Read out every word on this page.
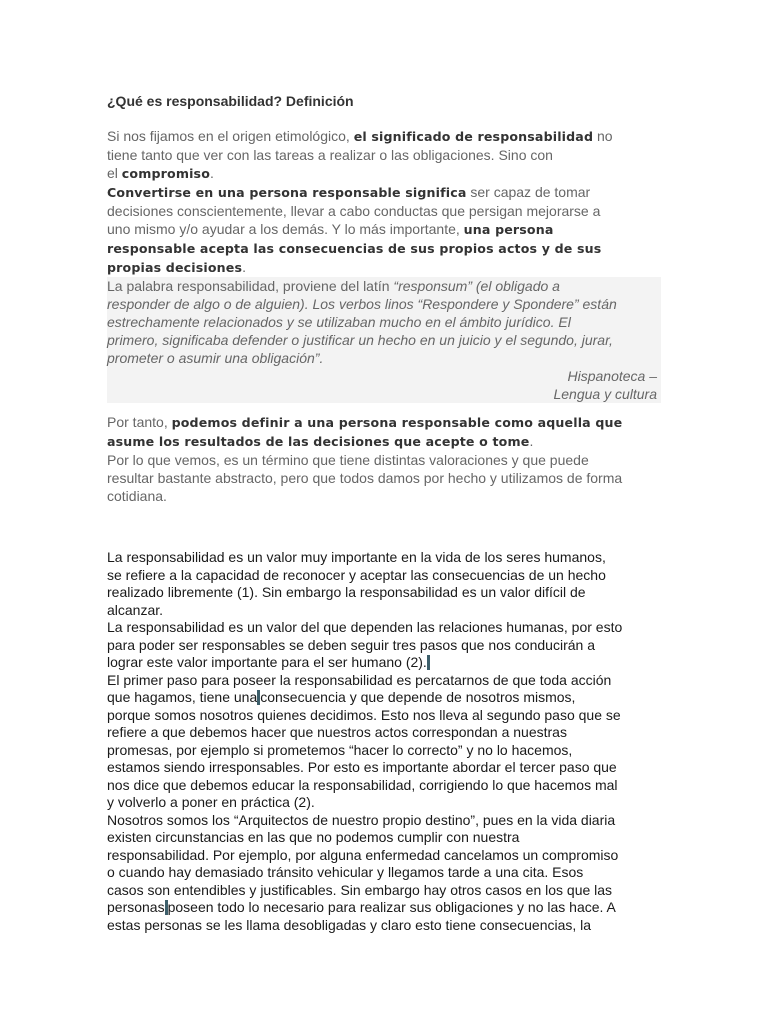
¿Qué es responsabilidad? Definición
Si nos fijamos en el origen etimológico, el significado de responsabilidad no
tiene tanto que ver con las tareas a realizar o las obligaciones. Sino con
el compromiso.
Convertirse en una persona responsable significa ser capaz de tomar
decisiones conscientemente, llevar a cabo conductas que persigan mejorarse a
uno mismo y/o ayudar a los demás. Y lo más importante, una persona
responsable acepta las consecuencias de sus propios actos y de sus
propias decisiones.
La palabra responsabilidad, proviene del latín “responsum” (el obligado a
responder de algo o de alguien). Los verbos linos “Respondere y Spondere” están
estrechamente relacionados y se utilizaban mucho en el ámbito jurídico. El
primero, significaba defender o justificar un hecho en un juicio y el segundo, jurar,
prometer o asumir una obligación”.
Hispanoteca –
Lengua y cultura
Por tanto, podemos definir a una persona responsable como aquella que
asume los resultados de las decisiones que acepte o tome.
Por lo que vemos, es un término que tiene distintas valoraciones y que puede
resultar bastante abstracto, pero que todos damos por hecho y utilizamos de forma
cotidiana.
La responsabilidad es un valor muy importante en la vida de los seres humanos,
se refiere a la capacidad de reconocer y aceptar las consecuencias de un hecho
realizado libremente (1). Sin embargo la responsabilidad es un valor difícil de
alcanzar.
La responsabilidad es un valor del que dependen las relaciones humanas, por esto
para poder ser responsables se deben seguir tres pasos que nos conducirán a
lograr este valor importante para el ser humano (2).
El primer paso para poseer la responsabilidad es percatarnos de que toda acción
que hagamos, tiene una consecuencia y que depende de nosotros mismos,
porque somos nosotros quienes decidimos. Esto nos lleva al segundo paso que se
refiere a que debemos hacer que nuestros actos correspondan a nuestras
promesas, por ejemplo si prometemos “hacer lo correcto” y no lo hacemos,
estamos siendo irresponsables. Por esto es importante abordar el tercer paso que
nos dice que debemos educar la responsabilidad, corrigiendo lo que hacemos mal
y volverlo a poner en práctica (2).
Nosotros somos los “Arquitectos de nuestro propio destino”, pues en la vida diaria
existen circunstancias en las que no podemos cumplir con nuestra
responsabilidad. Por ejemplo, por alguna enfermedad cancelamos un compromiso
o cuando hay demasiado tránsito vehicular y llegamos tarde a una cita. Esos
casos son entendibles y justificables. Sin embargo hay otros casos en los que las
personas poseen todo lo necesario para realizar sus obligaciones y no las hace. A
estas personas se les llama desobligadas y claro esto tiene consecuencias, la
